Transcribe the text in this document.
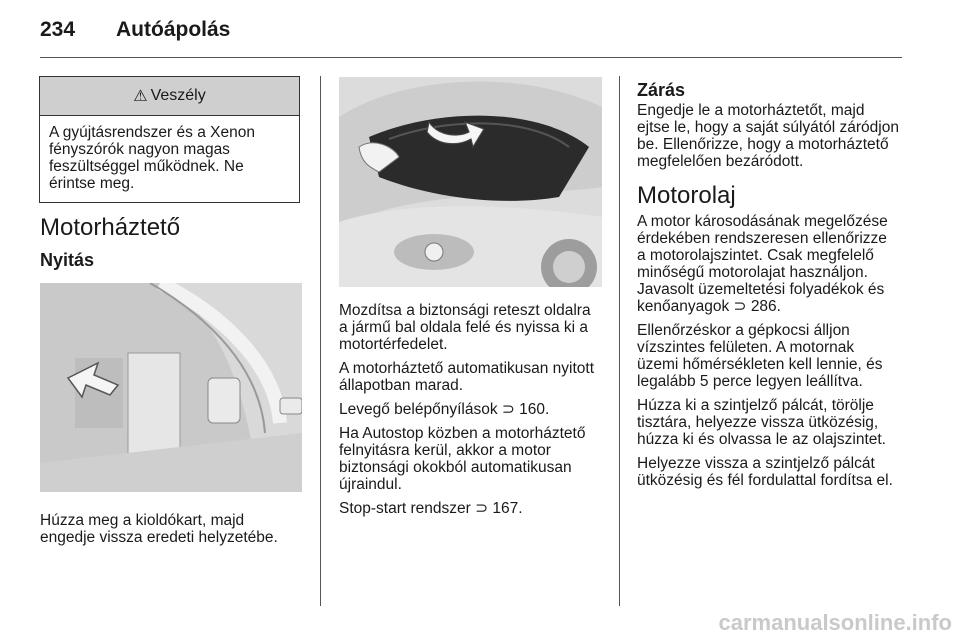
234 Autóápolás
⚠ Veszély
A gyújtásrendszer és a Xenon fényszórók nagyon magas feszültséggel működnek. Ne érintse meg.
Motorháztető
Nyitás
Húzza meg a kioldókart, majd
engedje vissza eredeti helyzetébe.
Mozdítsa a biztonsági reteszt oldalra
a jármű bal oldala felé és nyissa ki a
motortérfedelet.
A motorháztető automatikusan nyitott
állapotban marad.
Levegő belépőnyílások ⊃ 160.
Ha Autostop közben a motorháztető
felnyitásra kerül, akkor a motor
biztonsági okokból automatikusan
újraindul.
Stop-start rendszer ⊃ 167.
Zárás
Engedje le a motorháztetőt, majd
ejtse le, hogy a saját súlyától záródjon
be. Ellenőrizze, hogy a motorháztető
megfelelően bezáródott.
Motorolaj
A motor károsodásának megelőzése
érdekében rendszeresen ellenőrizze
a motorolajszintet. Csak megfelelő
minőségű motorolajat használjon.
Javasolt üzemeltetési folyadékok és
kenőanyagok ⊃ 286.
Ellenőrzéskor a gépkocsi álljon
vízszintes felületen. A motornak
üzemi hőmérsékleten kell lennie, és
legalább 5 perce legyen leállítva.
Húzza ki a szintjelző pálcát, törölje
tisztára, helyezze vissza ütközésig,
húzza ki és olvassa le az olajszintet.
Helyezze vissza a szintjelző pálcát
ütközésig és fél fordulattal fordítsa el.
carmanualsonline.info
